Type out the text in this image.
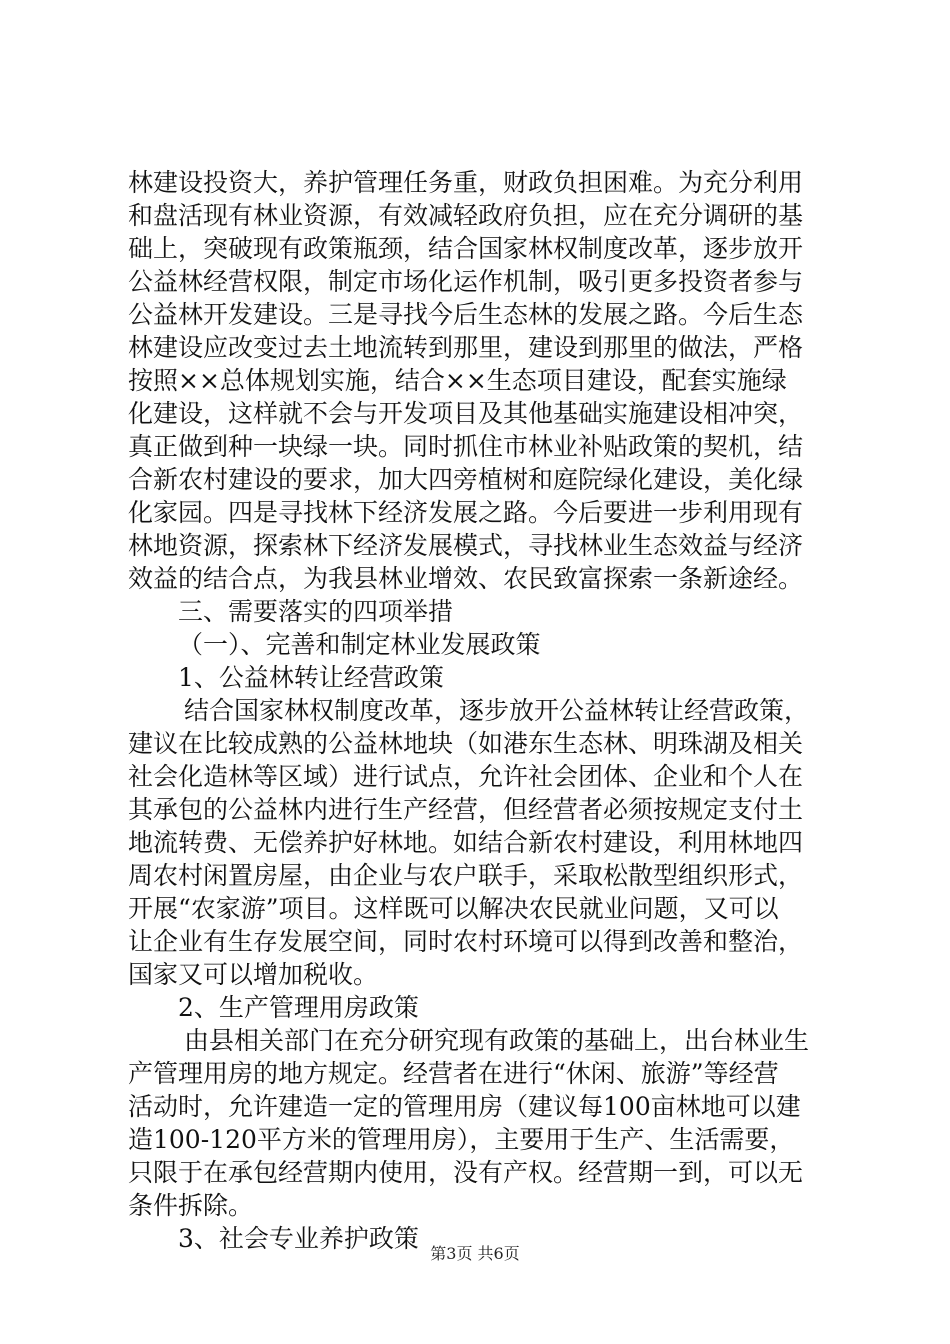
林建设投资大，养护管理任务重，财政负担困难。为充分利用
和盘活现有林业资源，有效减轻政府负担，应在充分调研的基
础上，突破现有政策瓶颈，结合国家林权制度改革，逐步放开
公益林经营权限，制定市场化运作机制，吸引更多投资者参与
公益林开发建设。三是寻找今后生态林的发展之路。今后生态
林建设应改变过去土地流转到那里，建设到那里的做法，严格
按照××总体规划实施，结合××生态项目建设，配套实施绿
化建设，这样就不会与开发项目及其他基础实施建设相冲突，
真正做到种一块绿一块。同时抓住市林业补贴政策的契机，结
合新农村建设的要求，加大四旁植树和庭院绿化建设，美化绿
化家园。四是寻找林下经济发展之路。今后要进一步利用现有
林地资源，探索林下经济发展模式，寻找林业生态效益与经济
效益的结合点，为我县林业增效、农民致富探索一条新途经。
三、需要落实的四项举措
（一）、完善和制定林业发展政策
1、公益林转让经营政策
结合国家林权制度改革，逐步放开公益林转让经营政策，
建议在比较成熟的公益林地块（如港东生态林、明珠湖及相关
社会化造林等区域）进行试点，允许社会团体、企业和个人在
其承包的公益林内进行生产经营，但经营者必须按规定支付土
地流转费、无偿养护好林地。如结合新农村建设，利用林地四
周农村闲置房屋，由企业与农户联手，采取松散型组织形式，
开展“农家游”项目。这样既可以解决农民就业问题，又可以
让企业有生存发展空间，同时农村环境可以得到改善和整治，
国家又可以增加税收。
2、生产管理用房政策
由县相关部门在充分研究现有政策的基础上，出台林业生
产管理用房的地方规定。经营者在进行“休闲、旅游”等经营
活动时，允许建造一定的管理用房（建议每100亩林地可以建
造100-120平方米的管理用房），主要用于生产、生活需要，
只限于在承包经营期内使用，没有产权。经营期一到，可以无
条件拆除。
3、社会专业养护政策
第3页 共6页
